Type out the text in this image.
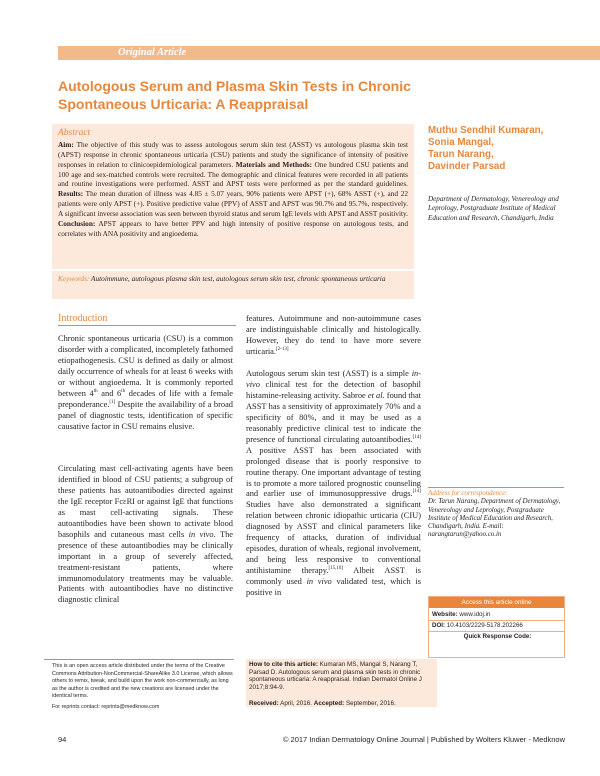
Original Article
Autologous Serum and Plasma Skin Tests in Chronic Spontaneous Urticaria: A Reappraisal
Abstract
Aim: The objective of this study was to assess autologous serum skin test (ASST) vs autologous plasma skin test (APST) response in chronic spontaneous urticaria (CSU) patients and study the significance of intensity of positive responses in relation to clinicoepidemiological parameters. Materials and Methods: One hundred CSU patients and 100 age and sex-matched controls were recruited. The demographic and clinical features were recorded in all patients and routine investigations were performed. ASST and APST tests were performed as per the standard guidelines. Results: The mean duration of illness was 4.85 ± 5.07 years, 90% patients were APST (+), 68% ASST (+), and 22 patients were only APST (+). Positive predictive value (PPV) of ASST and APST was 90.7% and 95.7%, respectively. A significant inverse association was seen between thyroid status and serum IgE levels with APST and ASST positivity. Conclusion: APST appears to have better PPV and high intensity of positive response on autologous tests, and correlates with ANA positivity and angioedema.
Keywords: Autoimmune, autologous plasma skin test, autologous serum skin test, chronic spontaneous urticaria
Muthu Sendhil Kumaran,
Sonia Mangal,
Tarun Narang,
Davinder Parsad
Department of Dermatology, Venereology and Leprology, Postgraduate Institute of Medical Education and Research, Chandigarh, India
Introduction
Chronic spontaneous urticaria (CSU) is a common disorder with a complicated, incompletely fathomed etiopathogenesis. CSU is defined as daily or almost daily occurrence of wheals for at least 6 weeks with or without angioedema. It is commonly reported between 4th and 6th decades of life with a female preponderance.[1] Despite the availability of a broad panel of diagnostic tests, identification of specific causative factor in CSU remains elusive.
Circulating mast cell-activating agents have been identified in blood of CSU patients; a subgroup of these patients has autoantibodies directed against the IgE receptor FcεRI or against IgE that functions as mast cell-activating signals. These autoantibodies have been shown to activate blood basophils and cutaneous mast cells in vivo. The presence of these autoantibodies may be clinically important in a group of severely affected, treatment-resistant patients, where immunomodulatory treatments may be valuable. Patients with autoantibodies have no distinctive diagnostic clinical
features. Autoimmune and non-autoimmune cases are indistinguishable clinically and histologically. However, they do tend to have more severe urticaria.[2-13]
Autologous serum skin test (ASST) is a simple in-vivo clinical test for the detection of basophil histamine-releasing activity. Sabroe et al. found that ASST has a sensitivity of approximately 70% and a specificity of 80%, and it may be used as a reasonably predictive clinical test to indicate the presence of functional circulating autoantibodies.[14] A positive ASST has been associated with prolonged disease that is poorly responsive to routine therapy. One important advantage of testing is to promote a more tailored prognostic counseling and earlier use of immunosuppressive drugs.[14] Studies have also demonstrated a significant relation between chronic idiopathic urticaria (CIU) diagnosed by ASST and clinical parameters like frequency of attacks, duration of individual episodes, duration of wheals, regional involvement, and being less responsive to conventional antihistamine therapy.[15,16] Albeit ASST is commonly used in vivo validated test, which is positive in
Address for correspondence:
Dr. Tarun Narang, Department of Dermatology, Venereology and Leprology, Postgraduate Institute of Medical Education and Research, Chandigarh, India. E-mail: narangtarun@yahoo.co.in
Access this article online
Website: www.idoj.in
DOI: 10.4103/2229-5178.202266
Quick Response Code:
This is an open access article distributed under the terms of the Creative Commons Attribution-NonCommercial-ShareAlike 3.0 License, which allows others to remix, tweak, and build upon the work non-commercially, as long as the author is credited and the new creations are licensed under the identical terms.
For reprints contact: reprints@medknow.com
How to cite this article: Kumaran MS, Mangal S, Narang T, Parsad D. Autologous serum and plasma skin tests in chronic spontaneous urticaria: A reappraisal. Indian Dermatol Online J 2017;8:94-9.
Received: April, 2016. Accepted: September, 2016.
94	© 2017 Indian Dermatology Online Journal | Published by Wolters Kluwer - Medknow
